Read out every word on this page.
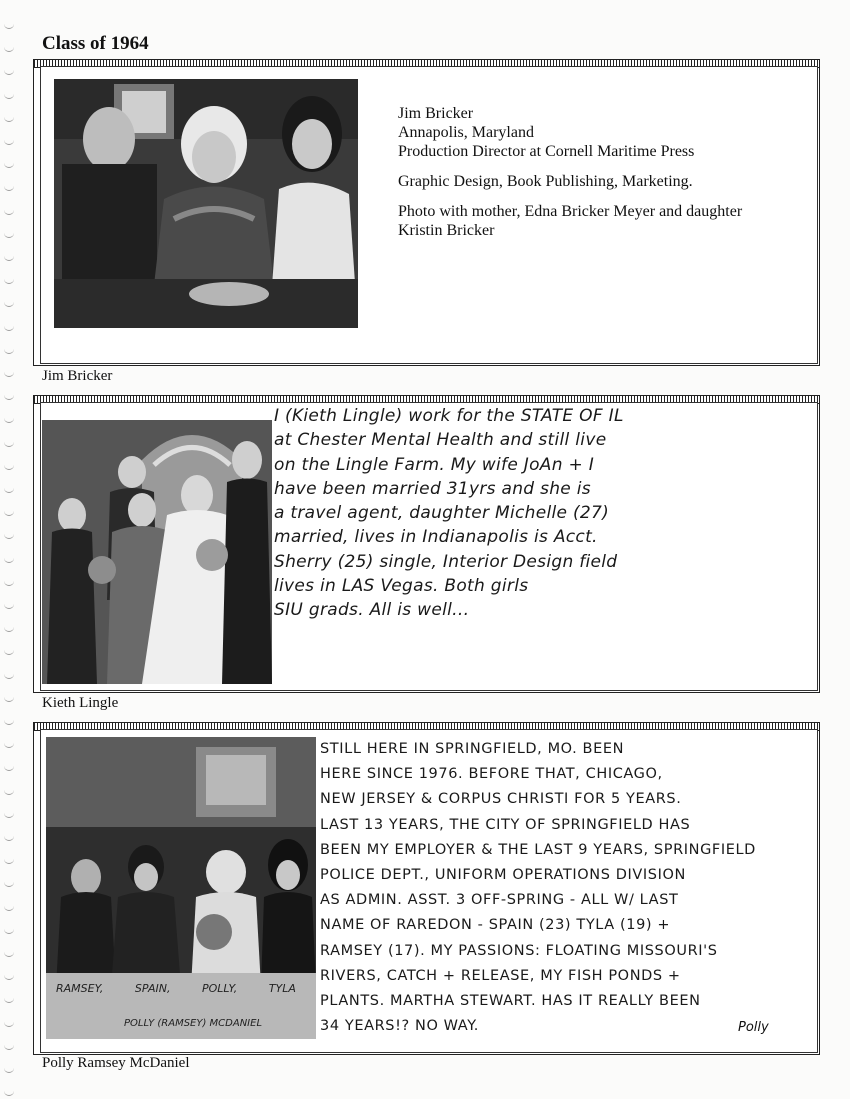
Class of 1964

Jim Bricker
Annapolis, Maryland
Production Director at Cornell Maritime Press

Graphic Design, Book Publishing, Marketing.

Photo with mother, Edna Bricker Meyer and daughter Kristin Bricker

Jim Bricker
I (Kieth Lingle) work for the STATE OF IL
at Chester Mental Health and still live
on the Lingle Farm. My wife JoAn + I
have been married 31yrs and she is
a travel agent, daughter Michelle (27)
married, lives in Indianapolis is Acct.
Sherry (25) single, Interior Design field
lives in LAS Vegas. Both girls
SIU grads. All is well...
Kieth Lingle
RAMSEY,	SPAIN,	POLLY,	TYLA
POLLY (RAMSEY) MCDANIEL
STILL HERE IN SPRINGFIELD, MO. BEEN
HERE SINCE 1976. BEFORE THAT, CHICAGO,
NEW JERSEY & CORPUS CHRISTI FOR 5 YEARS.
LAST 13 YEARS, THE CITY OF SPRINGFIELD HAS
BEEN MY EMPLOYER & THE LAST 9 YEARS, SPRINGFIELD
POLICE DEPT., UNIFORM OPERATIONS DIVISION
AS ADMIN. ASST. 3 OFF-SPRING - ALL W/ LAST
NAME OF RAREDON - SPAIN (23) TYLA (19) +
RAMSEY (17). MY PASSIONS: FLOATING MISSOURI'S
RIVERS, CATCH + RELEASE, MY FISH PONDS +
PLANTS. MARTHA STEWART. HAS IT REALLY BEEN
34 YEARS!? NO WAY.	Polly
Polly Ramsey McDaniel
